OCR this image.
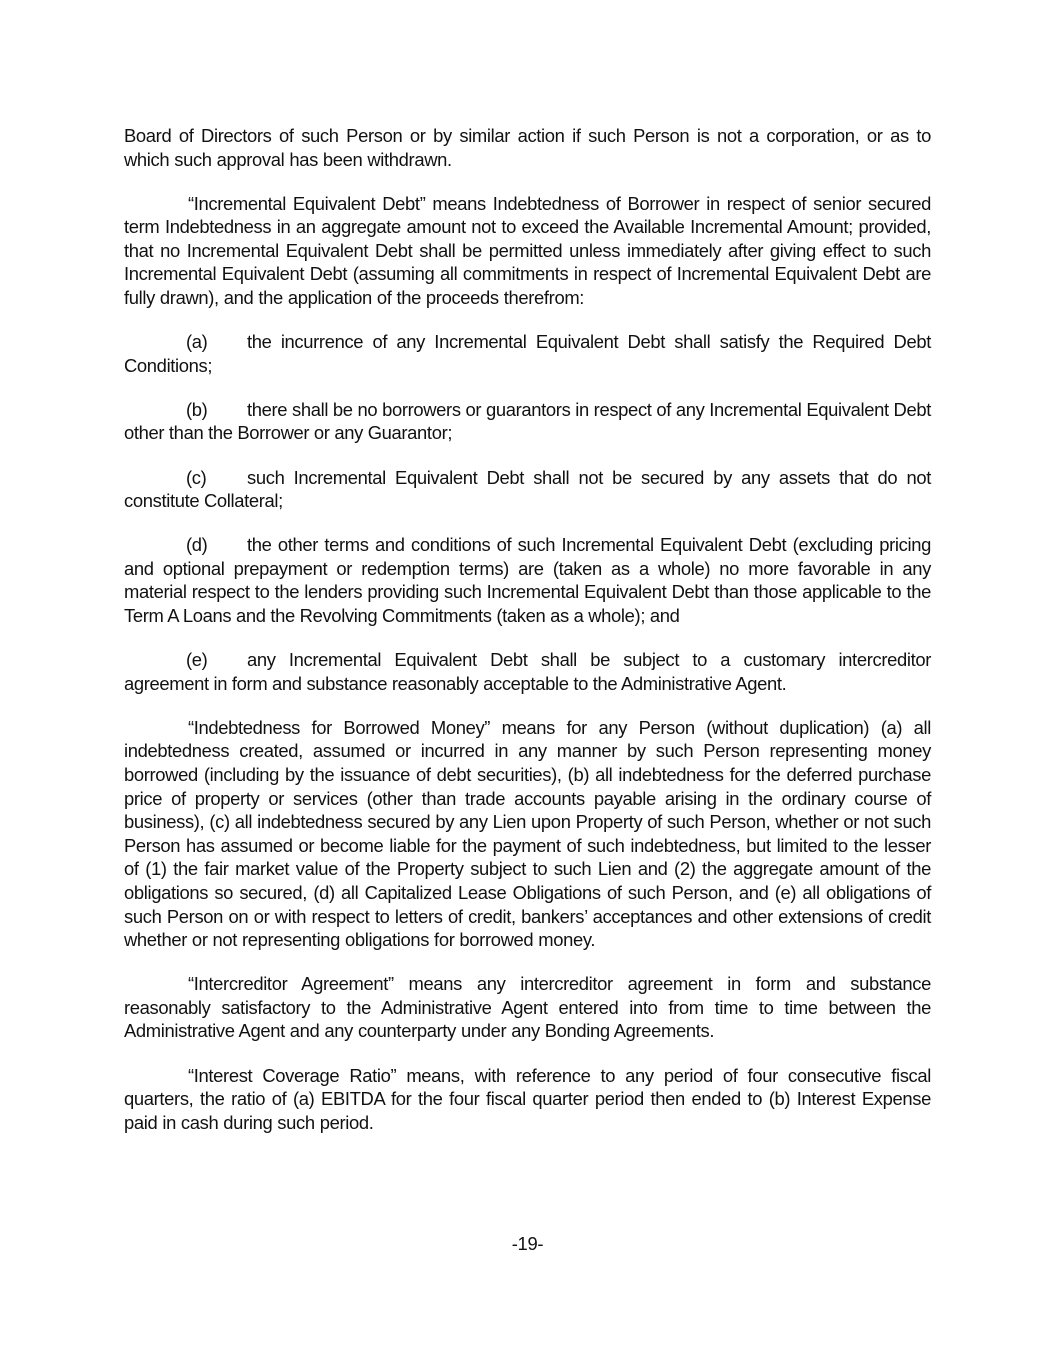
Board of Directors of such Person or by similar action if such Person is not a corporation, or as to which such approval has been withdrawn.

“Incremental Equivalent Debt” means Indebtedness of Borrower in respect of senior secured term Indebtedness in an aggregate amount not to exceed the Available Incremental Amount; provided, that no Incremental Equivalent Debt shall be permitted unless immediately after giving effect to such Incremental Equivalent Debt (assuming all commitments in respect of Incremental Equivalent Debt are fully drawn), and the application of the proceeds therefrom:

(a) the incurrence of any Incremental Equivalent Debt shall satisfy the Required Debt Conditions;

(b) there shall be no borrowers or guarantors in respect of any Incremental Equivalent Debt other than the Borrower or any Guarantor;

(c) such Incremental Equivalent Debt shall not be secured by any assets that do not constitute Collateral;

(d) the other terms and conditions of such Incremental Equivalent Debt (excluding pricing and optional prepayment or redemption terms) are (taken as a whole) no more favorable in any material respect to the lenders providing such Incremental Equivalent Debt than those applicable to the Term A Loans and the Revolving Commitments (taken as a whole); and

(e) any Incremental Equivalent Debt shall be subject to a customary intercreditor agreement in form and substance reasonably acceptable to the Administrative Agent.

“Indebtedness for Borrowed Money” means for any Person (without duplication) (a) all indebtedness created, assumed or incurred in any manner by such Person representing money borrowed (including by the issuance of debt securities), (b) all indebtedness for the deferred purchase price of property or services (other than trade accounts payable arising in the ordinary course of business), (c) all indebtedness secured by any Lien upon Property of such Person, whether or not such Person has assumed or become liable for the payment of such indebtedness, but limited to the lesser of (1) the fair market value of the Property subject to such Lien and (2) the aggregate amount of the obligations so secured, (d) all Capitalized Lease Obligations of such Person, and (e) all obligations of such Person on or with respect to letters of credit, bankers’ acceptances and other extensions of credit whether or not representing obligations for borrowed money.

“Intercreditor Agreement” means any intercreditor agreement in form and substance reasonably satisfactory to the Administrative Agent entered into from time to time between the Administrative Agent and any counterparty under any Bonding Agreements.

“Interest Coverage Ratio” means, with reference to any period of four consecutive fiscal quarters, the ratio of (a) EBITDA for the four fiscal quarter period then ended to (b) Interest Expense paid in cash during such period.

-19-
